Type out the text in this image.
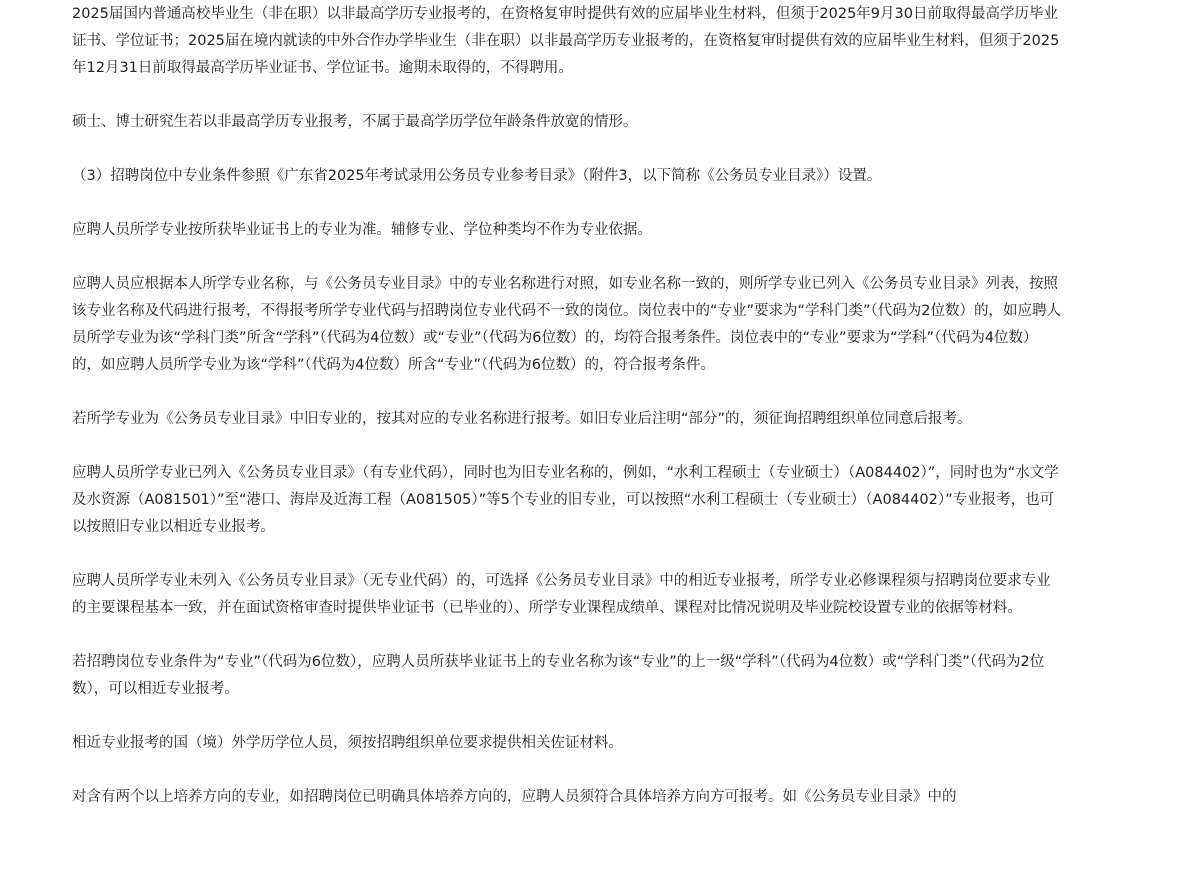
2025届国内普通高校毕业生（非在职）以非最高学历专业报考的，在资格复审时提供有效的应届毕业生材料，但须于2025年9月30日前取得最高学历毕业证书、学位证书；2025届在境内就读的中外合作办学毕业生（非在职）以非最高学历专业报考的，在资格复审时提供有效的应届毕业生材料，但须于2025年12月31日前取得最高学历毕业证书、学位证书。逾期未取得的，不得聘用。

硕士、博士研究生若以非最高学历专业报考，不属于最高学历学位年龄条件放宽的情形。

（3）招聘岗位中专业条件参照《广东省2025年考试录用公务员专业参考目录》（附件3，以下简称《公务员专业目录》）设置。

应聘人员所学专业按所获毕业证书上的专业为准。辅修专业、学位种类均不作为专业依据。

应聘人员应根据本人所学专业名称，与《公务员专业目录》中的专业名称进行对照，如专业名称一致的，则所学专业已列入《公务员专业目录》列表，按照该专业名称及代码进行报考，不得报考所学专业代码与招聘岗位专业代码不一致的岗位。岗位表中的“专业”要求为“学科门类”（代码为2位数）的，如应聘人员所学专业为该“学科门类”所含“学科”（代码为4位数）或“专业”（代码为6位数）的，均符合报考条件。岗位表中的“专业”要求为“学科”（代码为4位数）的，如应聘人员所学专业为该“学科”（代码为4位数）所含“专业”（代码为6位数）的，符合报考条件。

若所学专业为《公务员专业目录》中旧专业的，按其对应的专业名称进行报考。如旧专业后注明“部分”的，须征询招聘组织单位同意后报考。

应聘人员所学专业已列入《公务员专业目录》（有专业代码），同时也为旧专业名称的，例如，“水利工程硕士（专业硕士）（A084402）”，同时也为“水文学及水资源（A081501）”至“港口、海岸及近海工程（A081505）”等5个专业的旧专业，可以按照“水利工程硕士（专业硕士）（A084402）”专业报考，也可以按照旧专业以相近专业报考。

应聘人员所学专业未列入《公务员专业目录》（无专业代码）的，可选择《公务员专业目录》中的相近专业报考，所学专业必修课程须与招聘岗位要求专业的主要课程基本一致，并在面试资格审查时提供毕业证书（已毕业的）、所学专业课程成绩单、课程对比情况说明及毕业院校设置专业的依据等材料。

若招聘岗位专业条件为“专业”（代码为6位数），应聘人员所获毕业证书上的专业名称为该“专业”的上一级“学科”（代码为4位数）或“学科门类”（代码为2位数），可以相近专业报考。

相近专业报考的国（境）外学历学位人员，须按招聘组织单位要求提供相关佐证材料。

对含有两个以上培养方向的专业，如招聘岗位已明确具体培养方向的，应聘人员须符合具体培养方向方可报考。如《公务员专业目录》中的
